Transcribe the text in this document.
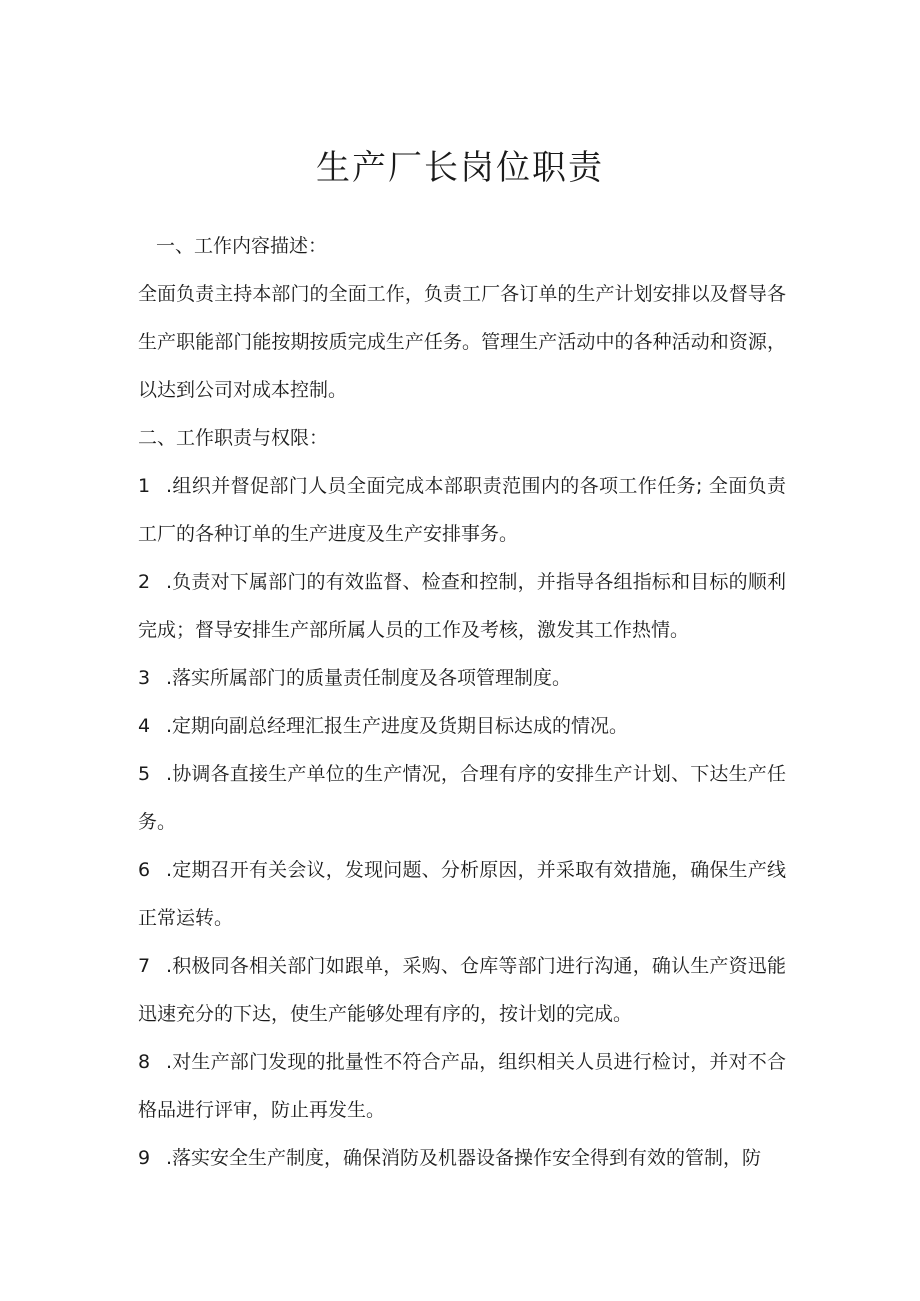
生产厂长岗位职责

一、工作内容描述：

全面负责主持本部门的全面工作，负责工厂各订单的生产计划安排以及督导各生产职能部门能按期按质完成生产任务。管理生产活动中的各种活动和资源，以达到公司对成本控制。

二、工作职责与权限：

1 .组织并督促部门人员全面完成本部职责范围内的各项工作任务; 全面负责工厂的各种订单的生产进度及生产安排事务。

2 .负责对下属部门的有效监督、检查和控制，并指导各组指标和目标的顺利完成；督导安排生产部所属人员的工作及考核，激发其工作热情。

3 .落实所属部门的质量责任制度及各项管理制度。

4 .定期向副总经理汇报生产进度及货期目标达成的情况。

5 .协调各直接生产单位的生产情况，合理有序的安排生产计划、下达生产任务。

6 .定期召开有关会议，发现问题、分析原因，并采取有效措施，确保生产线正常运转。

7 .积极同各相关部门如跟单，采购、仓库等部门进行沟通，确认生产资迅能迅速充分的下达，使生产能够处理有序的，按计划的完成。

8 .对生产部门发现的批量性不符合产品，组织相关人员进行检讨，并对不合格品进行评审，防止再发生。

9 .落实安全生产制度，确保消防及机器设备操作安全得到有效的管制，防
